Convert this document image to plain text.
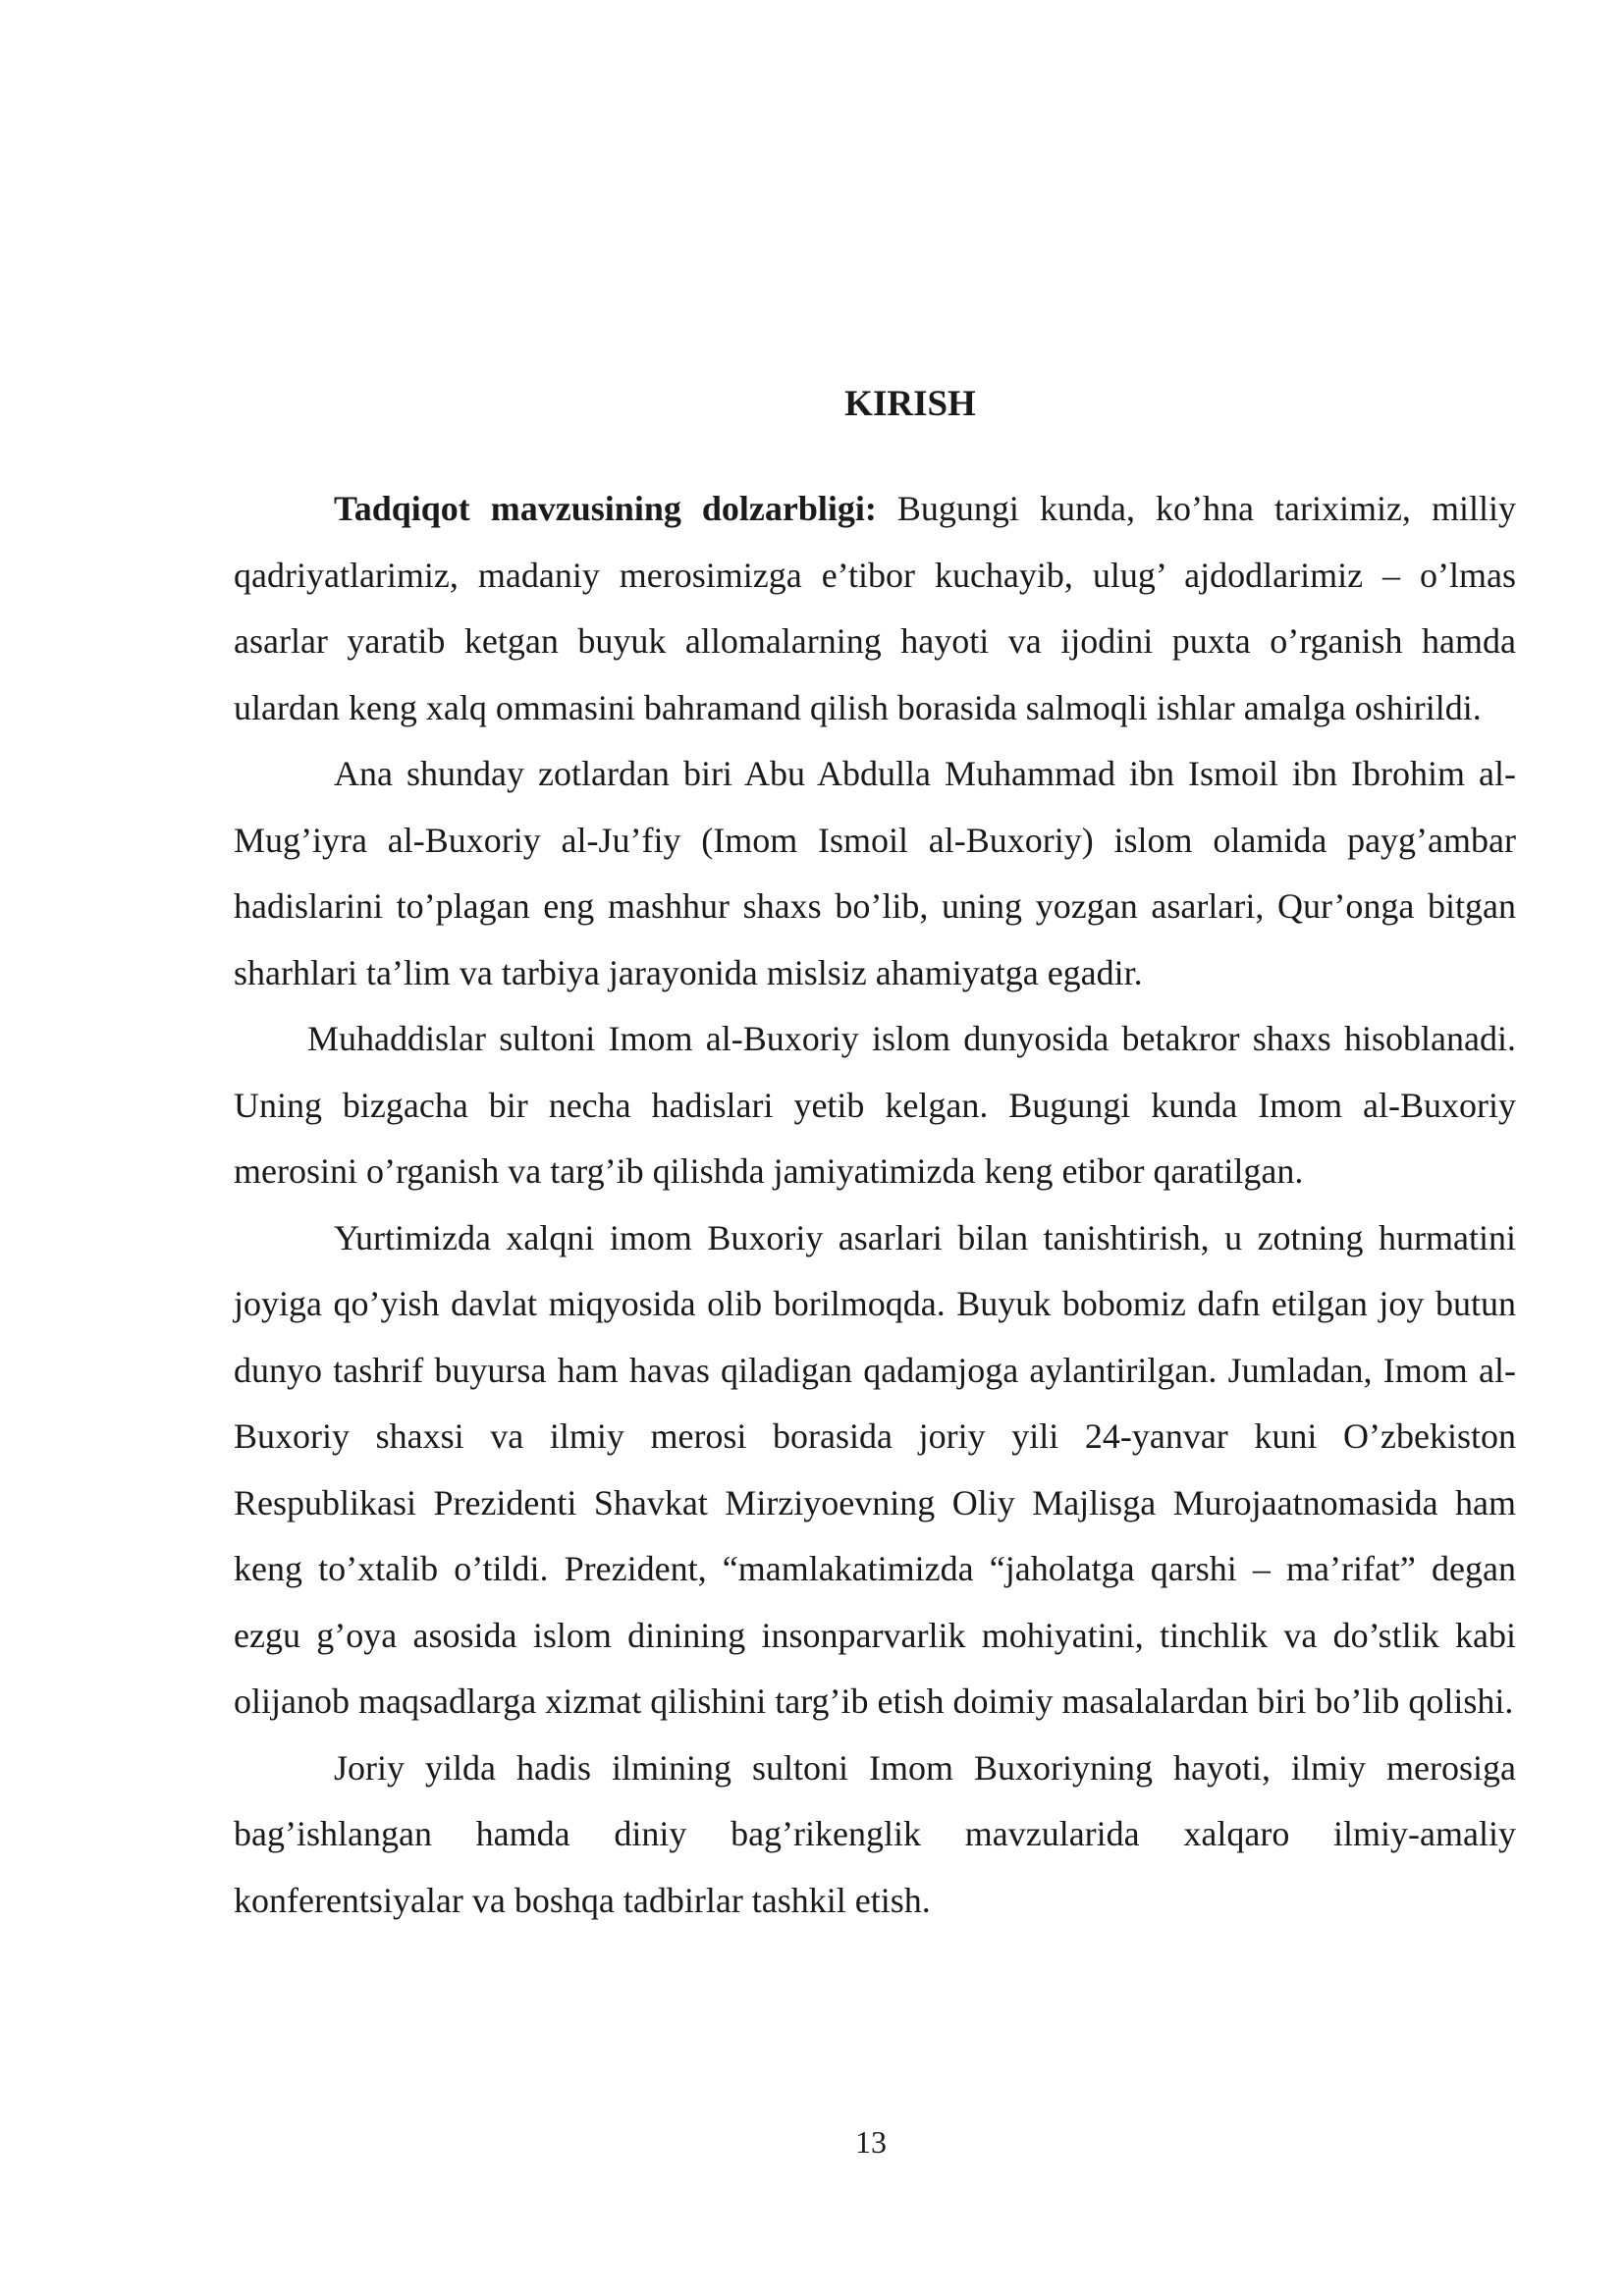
KIRISH

Tadqiqot mavzusining dolzarbligi: Bugungi kunda, ko’hna tariximiz, milliy qadriyatlarimiz, madaniy merosimizga e’tibor kuchayib, ulug’ ajdodlarimiz – o’lmas asarlar yaratib ketgan buyuk allomalarning hayoti va ijodini puxta o’rganish hamda ulardan keng xalq ommasini bahramand qilish borasida salmoqli ishlar amalga oshirildi.

Ana shunday zotlardan biri Abu Abdulla Muhammad ibn Ismoil ibn Ibrohim al-Mug’iyra al-Buxoriy al-Ju’fiy (Imom Ismoil al-Buxoriy) islom olamida payg’ambar hadislarini to’plagan eng mashhur shaxs bo’lib, uning yozgan asarlari, Qur’onga bitgan sharhlari ta’lim va tarbiya jarayonida mislsiz ahamiyatga egadir.

Muhaddislar sultoni Imom al-Buxoriy islom dunyosida betakror shaxs hisoblanadi. Uning bizgacha bir necha hadislari yetib kelgan. Bugungi kunda Imom al-Buxoriy merosini o’rganish va targ’ib qilishda jamiyatimizda keng etibor qaratilgan.

Yurtimizda xalqni imom Buxoriy asarlari bilan tanishtirish, u zotning hurmatini joyiga qo’yish davlat miqyosida olib borilmoqda. Buyuk bobomiz dafn etilgan joy butun dunyo tashrif buyursa ham havas qiladigan qadamjoga aylantirilgan. Jumladan, Imom al-Buxoriy shaxsi va ilmiy merosi borasida joriy yili 24-yanvar kuni O’zbekiston Respublikasi Prezidenti Shavkat Mirziyoevning Oliy Majlisga Murojaatnomasida ham keng to’xtalib o’tildi. Prezident, “mamlakatimizda “jaholatga qarshi – ma’rifat” degan ezgu g’oya asosida islom dinining insonparvarlik mohiyatini, tinchlik va do’stlik kabi olijanob maqsadlarga xizmat qilishini targ’ib etish doimiy masalalardan biri bo’lib qolishi.

Joriy yilda hadis ilmining sultoni Imom Buxoriyning hayoti, ilmiy merosiga bag’ishlangan hamda diniy bag’rikenglik mavzularida xalqaro ilmiy-amaliy konferentsiyalar va boshqa tadbirlar tashkil etish.

13
